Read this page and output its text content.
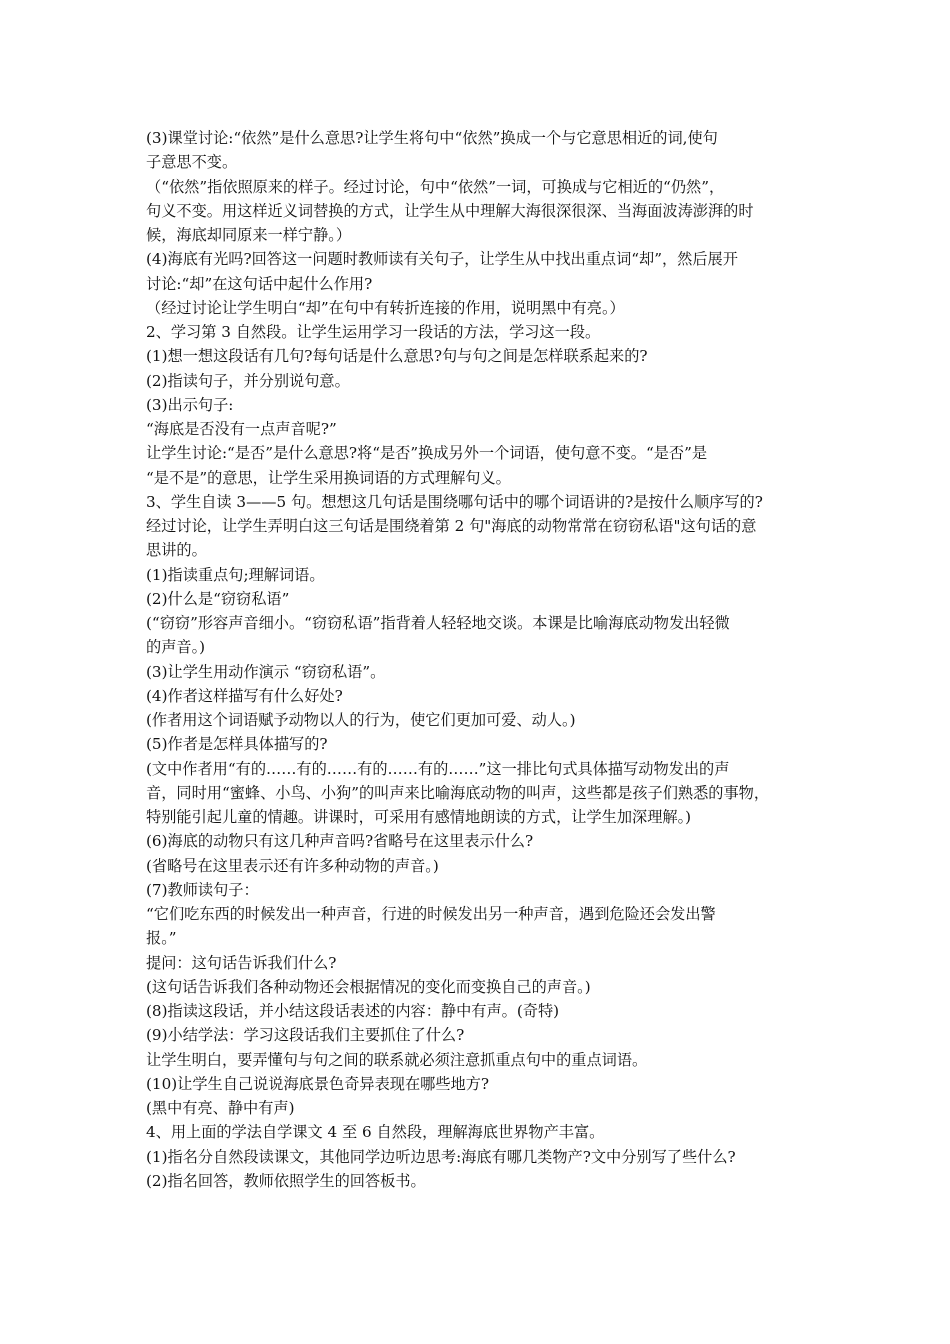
(3)课堂讨论:“依然”是什么意思?让学生将句中“依然”换成一个与它意思相近的词,使句
子意思不变。
（“依然”指依照原来的样子。经过讨论，句中“依然”一词，可换成与它相近的“仍然”，
句义不变。用这样近义词替换的方式，让学生从中理解大海很深很深、当海面波涛澎湃的时
候，海底却同原来一样宁静。）
(4)海底有光吗?回答这一问题时教师读有关句子，让学生从中找出重点词“却”，然后展开
讨论:“却”在这句话中起什么作用?
（经过讨论让学生明白“却”在句中有转折连接的作用，说明黑中有亮。）
2、学习第 3 自然段。让学生运用学习一段话的方法，学习这一段。
(1)想一想这段话有几句?每句话是什么意思?句与句之间是怎样联系起来的?
(2)指读句子，并分别说句意。
(3)出示句子:
“海底是否没有一点声音呢?”
让学生讨论:“是否”是什么意思?将“是否”换成另外一个词语，使句意不变。“是否”是
“是不是”的意思，让学生采用换词语的方式理解句义。
3、学生自读 3——5 句。想想这几句话是围绕哪句话中的哪个词语讲的?是按什么顺序写的?
经过讨论，让学生弄明白这三句话是围绕着第 2 句"海底的动物常常在窃窃私语"这句话的意
思讲的。
(1)指读重点句;理解词语。
(2)什么是“窃窃私语”
(“窃窃”形容声音细小。“窃窃私语”指背着人轻轻地交谈。本课是比喻海底动物发出轻微
的声音。)
(3)让学生用动作演示 “窃窃私语”。
(4)作者这样描写有什么好处?
(作者用这个词语赋予动物以人的行为，使它们更加可爱、动人。)
(5)作者是怎样具体描写的?
(文中作者用“有的……有的……有的……有的……”这一排比句式具体描写动物发出的声
音，同时用“蜜蜂、小鸟、小狗”的叫声来比喻海底动物的叫声，这些都是孩子们熟悉的事物，
特别能引起儿童的情趣。讲课时，可采用有感情地朗读的方式，让学生加深理解。)
(6)海底的动物只有这几种声音吗?省略号在这里表示什么?
(省略号在这里表示还有许多种动物的声音。)
(7)教师读句子：
“它们吃东西的时候发出一种声音，行进的时候发出另一种声音，遇到危险还会发出警
报。”
提问：这句话告诉我们什么?
(这句话告诉我们各种动物还会根据情况的变化而变换自己的声音。)
(8)指读这段话，并小结这段话表述的内容：静中有声。(奇特)
(9)小结学法：学习这段话我们主要抓住了什么?
让学生明白，要弄懂句与句之间的联系就必须注意抓重点句中的重点词语。
(10)让学生自己说说海底景色奇异表现在哪些地方?
(黑中有亮、静中有声)
4、用上面的学法自学课文 4 至 6 自然段，理解海底世界物产丰富。
(1)指名分自然段读课文，其他同学边听边思考:海底有哪几类物产?文中分别写了些什么?
(2)指名回答，教师依照学生的回答板书。
